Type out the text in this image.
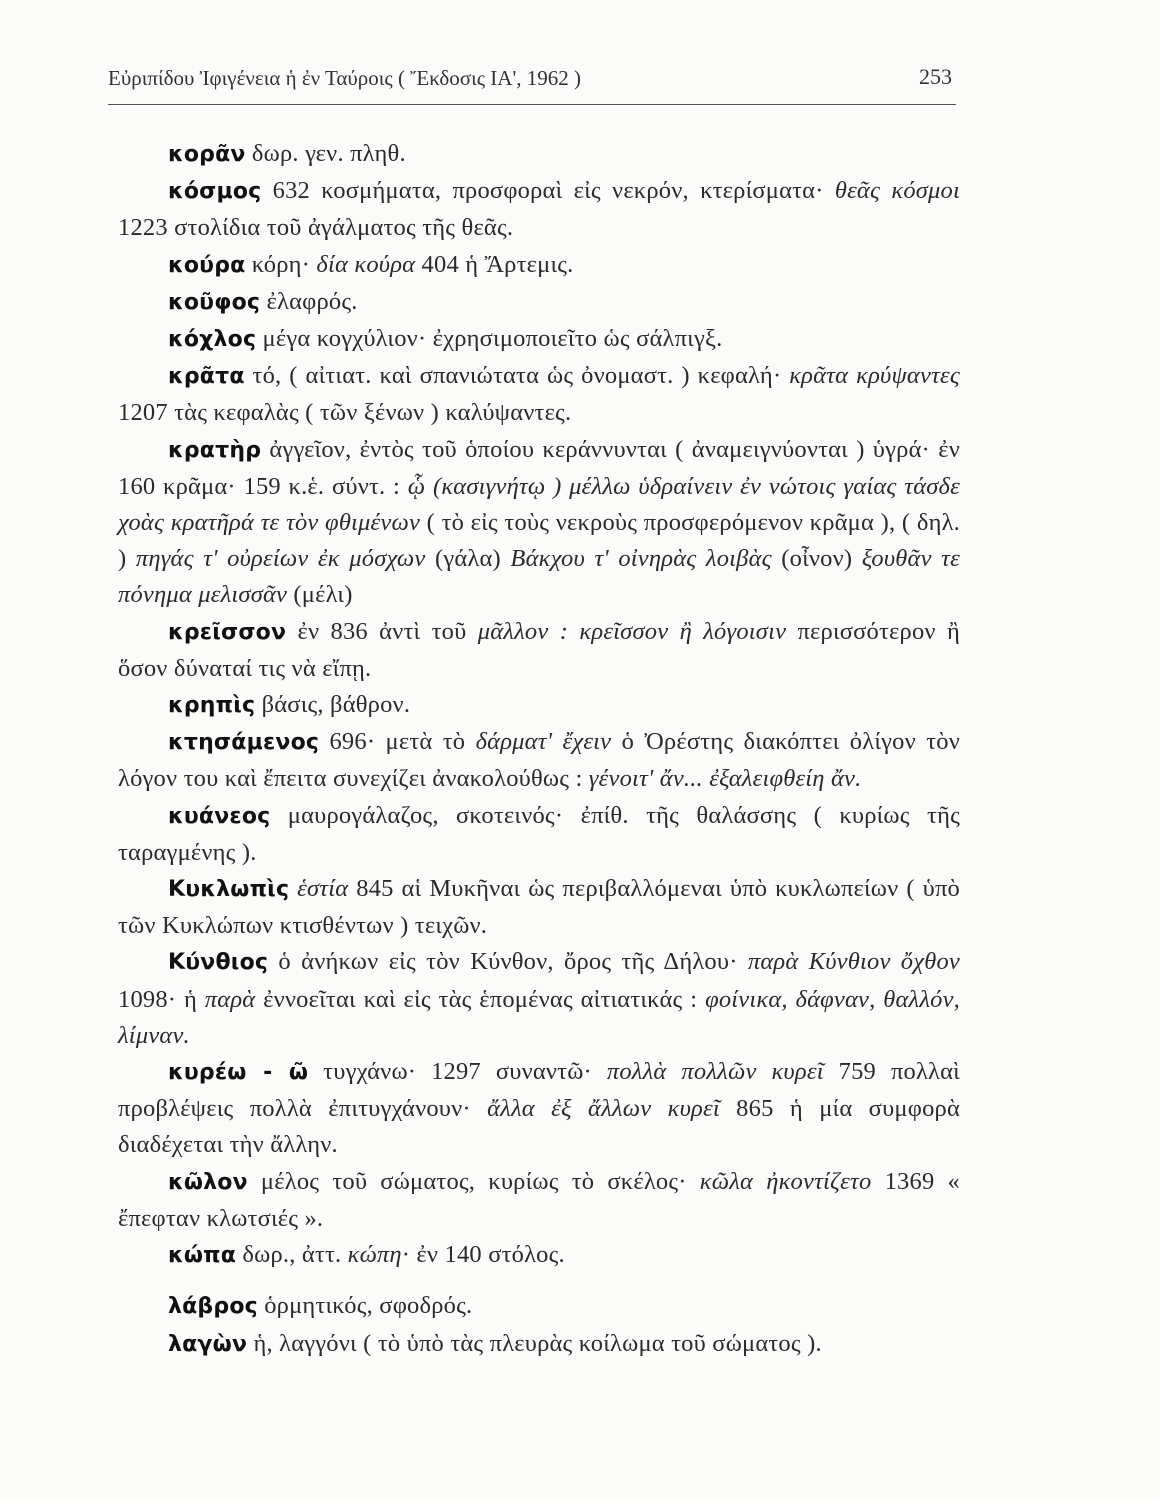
Εὐριπίδου Ἰφιγένεια ἡ ἐν Ταύροις ( Ἔκδοσις ΙΑ', 1962 )	253

κορᾶν δωρ. γεν. πληθ.

κόσμος 632 κοσμήματα, προσφοραὶ εἰς νεκρόν, κτερίσματα· θεᾶς κόσμοι 1223 στολίδια τοῦ ἀγάλματος τῆς θεᾶς.

κούρα κόρη· δία κούρα 404 ἡ Ἄρτεμις.

κοῦφος ἐλαφρός.

κόχλος μέγα κογχύλιον· ἐχρησιμοποιεῖτο ὡς σάλπιγξ.

κρᾶτα τό, ( αἰτιατ. καὶ σπανιώτατα ὡς ὀνομαστ. ) κεφαλή· κρᾶτα κρύψαντες 1207 τὰς κεφαλὰς ( τῶν ξένων ) καλύψαντες.

κρατὴρ ἀγγεῖον, ἐντὸς τοῦ ὁποίου κεράννυνται ( ἀναμειγνύονται ) ὑγρά· ἐν 160 κρᾶμα· 159 κ.ἑ. σύντ. : ᾧ (κασιγνήτῳ ) μέλλω ὑδραίνειν ἐν νώτοις γαίας τάσδε χοὰς κρατῆρά τε τὸν φθιμένων ( τὸ εἰς τοὺς νεκροὺς προσφερόμενον κρᾶμα ), ( δηλ. ) πηγάς τ' οὐρείων ἐκ μόσχων (γάλα) Βάκχου τ' οἰνηρὰς λοιβὰς (οἶνον) ξουθᾶν τε πόνημα μελισσᾶν (μέλι)

κρεῖσσον ἐν 836 ἀντὶ τοῦ μᾶλλον : κρεῖσσον ἢ λόγοισιν περισσότερον ἢ ὅσον δύναταί τις νὰ εἴπῃ.

κρηπὶς βάσις, βάθρον.

κτησάμενος 696· μετὰ τὸ δάρματ' ἔχειν ὁ Ὀρέστης διακόπτει ὀλίγον τὸν λόγον του καὶ ἔπειτα συνεχίζει ἀνακολούθως : γένοιτ' ἄν... ἐξαλειφθείη ἄν.

κυάνεος μαυρογάλαζος, σκοτεινός· ἐπίθ. τῆς θαλάσσης ( κυρίως τῆς ταραγμένης ).

Κυκλωπὶς ἑστία 845 αἱ Μυκῆναι ὡς περιβαλλόμεναι ὑπὸ κυκλωπείων ( ὑπὸ τῶν Κυκλώπων κτισθέντων ) τειχῶν.

Κύνθιος ὁ ἀνήκων εἰς τὸν Κύνθον, ὄρος τῆς Δήλου· παρὰ Κύνθιον ὄχθον 1098· ἡ παρὰ ἐννοεῖται καὶ εἰς τὰς ἑπομένας αἰτιατικάς : φοίνικα, δάφναν, θαλλόν, λίμναν.

κυρέω - ῶ τυγχάνω· 1297 συναντῶ· πολλὰ πολλῶν κυρεῖ 759 πολλαὶ προβλέψεις πολλὰ ἐπιτυγχάνουν· ἄλλα ἐξ ἄλλων κυρεῖ 865 ἡ μία συμφορὰ διαδέχεται τὴν ἄλλην.

κῶλον μέλος τοῦ σώματος, κυρίως τὸ σκέλος· κῶλα ἠκοντίζετο 1369 « ἔπεφταν κλωτσιές ».

κώπα δωρ., ἀττ. κώπη· ἐν 140 στόλος.

λάβρος ὁρμητικός, σφοδρός.

λαγὼν ἡ, λαγγόνι ( τὸ ὑπὸ τὰς πλευρὰς κοίλωμα τοῦ σώματος ).
